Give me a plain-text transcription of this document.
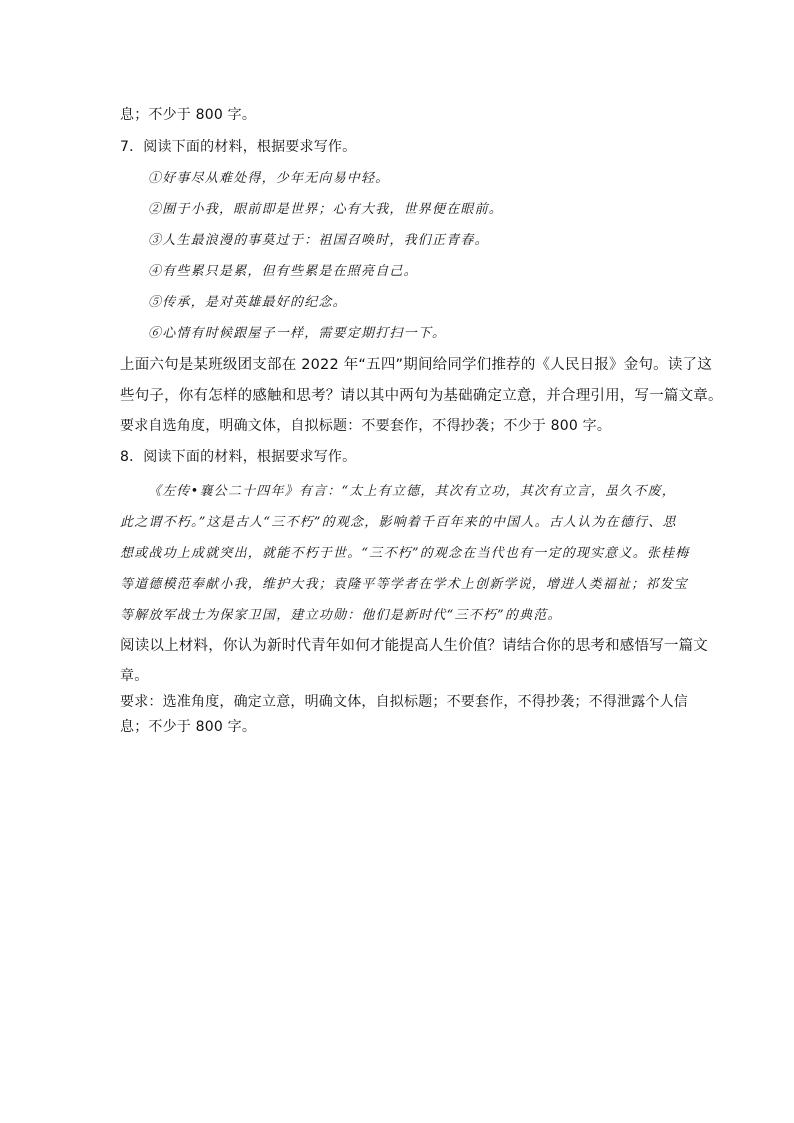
息；不少于 800 字。
7．阅读下面的材料，根据要求写作。
①好事尽从难处得，少年无向易中轻。
②囿于小我，眼前即是世界；心有大我，世界便在眼前。
③人生最浪漫的事莫过于：祖国召唤时，我们正青春。
④有些累只是累，但有些累是在照亮自己。
⑤传承，是对英雄最好的纪念。
⑥心情有时候跟屋子一样，需要定期打扫一下。
上面六句是某班级团支部在 2022 年“五四”期间给同学们推荐的《人民日报》金句。读了这
些句子，你有怎样的感触和思考？请以其中两句为基础确定立意，并合理引用，写一篇文章。
要求自选角度，明确文体，自拟标题：不要套作，不得抄袭；不少于 800 字。
8．阅读下面的材料，根据要求写作。
《左传•襄公二十四年》有言：“太上有立德，其次有立功，其次有立言，虽久不废，
此之谓不朽。”这是古人“三不朽”的观念，影响着千百年来的中国人。古人认为在德行、思
想或战功上成就突出，就能不朽于世。“三不朽”的观念在当代也有一定的现实意义。张桂梅
等道德模范奉献小我，维护大我；袁隆平等学者在学术上创新学说，增进人类福祉；祁发宝
等解放军战士为保家卫国，建立功勋：他们是新时代“三不朽”的典范。
阅读以上材料，你认为新时代青年如何才能提高人生价值？请结合你的思考和感悟写一篇文
章。
要求：选准角度，确定立意，明确文体，自拟标题；不要套作，不得抄袭；不得泄露个人信
息；不少于 800 字。
